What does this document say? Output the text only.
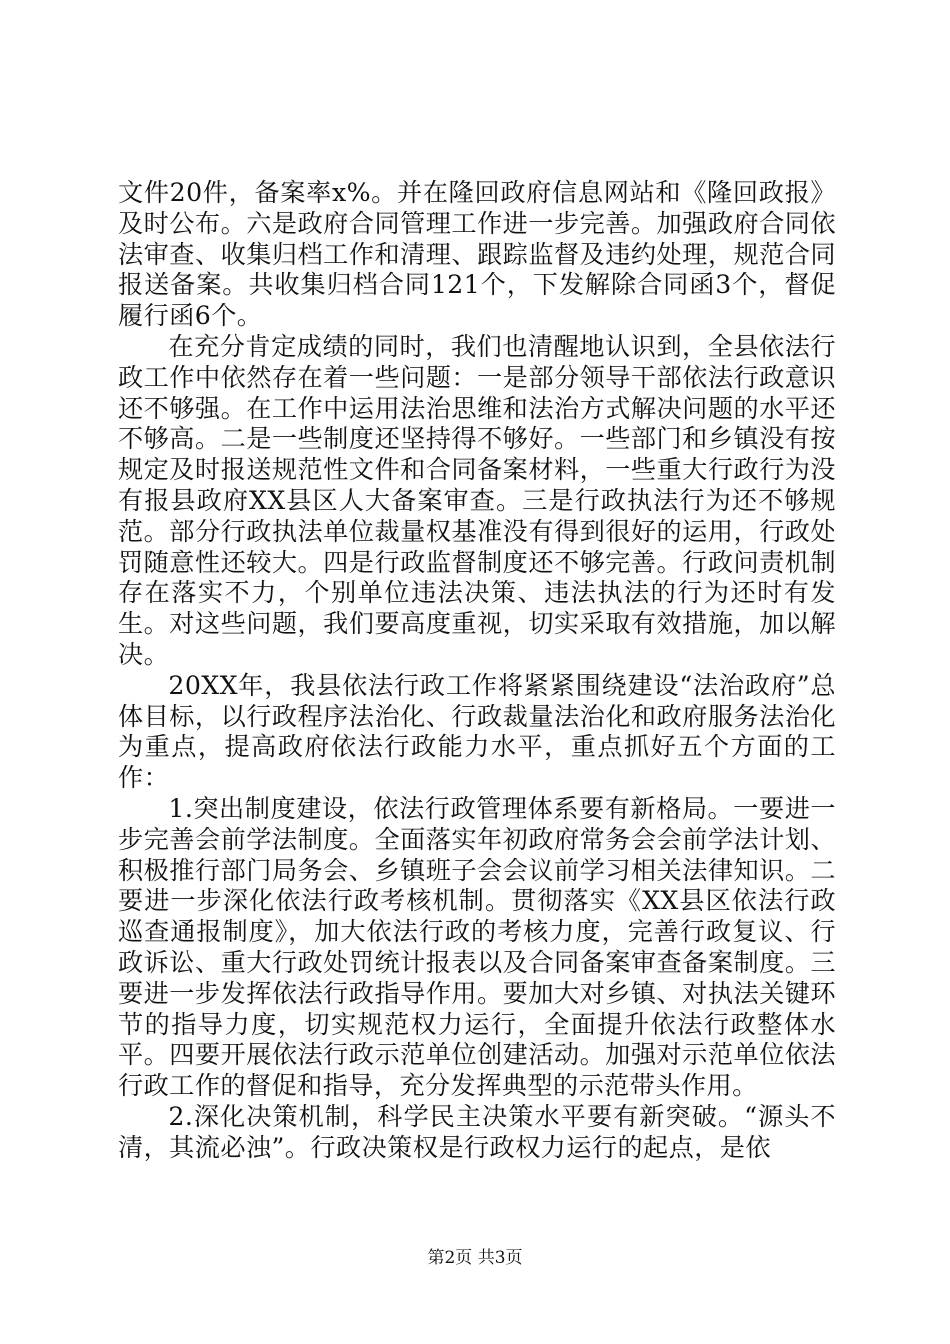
文件20件，备案率x%。并在隆回政府信息网站和《隆回政报》及时公布。六是政府合同管理工作进一步完善。加强政府合同依法审查、收集归档工作和清理、跟踪监督及违约处理，规范合同报送备案。共收集归档合同121个，下发解除合同函3个，督促履行函6个。

在充分肯定成绩的同时，我们也清醒地认识到，全县依法行政工作中依然存在着一些问题：一是部分领导干部依法行政意识还不够强。在工作中运用法治思维和法治方式解决问题的水平还不够高。二是一些制度还坚持得不够好。一些部门和乡镇没有按规定及时报送规范性文件和合同备案材料，一些重大行政行为没有报县政府XX县区人大备案审查。三是行政执法行为还不够规范。部分行政执法单位裁量权基准没有得到很好的运用，行政处罚随意性还较大。四是行政监督制度还不够完善。行政问责机制存在落实不力，个别单位违法决策、违法执法的行为还时有发生。对这些问题，我们要高度重视，切实采取有效措施，加以解决。

20XX年，我县依法行政工作将紧紧围绕建设“法治政府”总体目标，以行政程序法治化、行政裁量法治化和政府服务法治化为重点，提高政府依法行政能力水平，重点抓好五个方面的工作：

1.突出制度建设，依法行政管理体系要有新格局。一要进一步完善会前学法制度。全面落实年初政府常务会会前学法计划、积极推行部门局务会、乡镇班子会会议前学习相关法律知识。二要进一步深化依法行政考核机制。贯彻落实《XX县区依法行政巡查通报制度》，加大依法行政的考核力度，完善行政复议、行政诉讼、重大行政处罚统计报表以及合同备案审查备案制度。三要进一步发挥依法行政指导作用。要加大对乡镇、对执法关键环节的指导力度，切实规范权力运行，全面提升依法行政整体水平。四要开展依法行政示范单位创建活动。加强对示范单位依法行政工作的督促和指导，充分发挥典型的示范带头作用。

2.深化决策机制，科学民主决策水平要有新突破。“源头不清，其流必浊”。行政决策权是行政权力运行的起点，是依

第2页 共3页
